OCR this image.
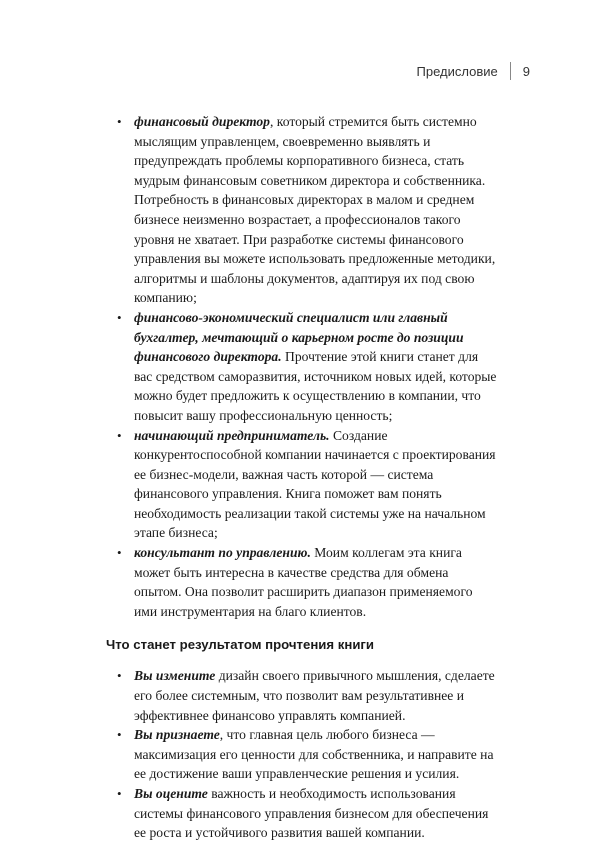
Предисловие 9
• финансовый директор, который стремится быть системно мыслящим управленцем, своевременно выявлять и предупреждать проблемы корпоративного бизнеса, стать мудрым финансовым советником директора и собственника. Потребность в финансовых директорах в малом и среднем бизнесе неизменно возрастает, а профессионалов такого уровня не хватает. При разработке системы финансового управления вы можете использовать предложенные методики, алгоритмы и шаблоны документов, адаптируя их под свою компанию;
• финансово-экономический специалист или главный бухгалтер, мечтающий о карьерном росте до позиции финансового директора. Прочтение этой книги станет для вас средством саморазвития, источником новых идей, которые можно будет предложить к осуществлению в компании, что повысит вашу профессиональную ценность;
• начинающий предприниматель. Создание конкурентоспособной компании начинается с проектирования ее бизнес-модели, важная часть которой — система финансового управления. Книга поможет вам понять необходимость реализации такой системы уже на начальном этапе бизнеса;
• консультант по управлению. Моим коллегам эта книга может быть интересна в качестве средства для обмена опытом. Она позволит расширить диапазон применяемого ими инструментария на благо клиентов.
Что станет результатом прочтения книги
• Вы измените дизайн своего привычного мышления, сделаете его более системным, что позволит вам результативнее и эффективнее финансово управлять компанией.
• Вы признаете, что главная цель любого бизнеса — максимизация его ценности для собственника, и направите на ее достижение ваши управленческие решения и усилия.
• Вы оцените важность и необходимость использования системы финансового управления бизнесом для обеспечения ее роста и устойчивого развития вашей компании.
